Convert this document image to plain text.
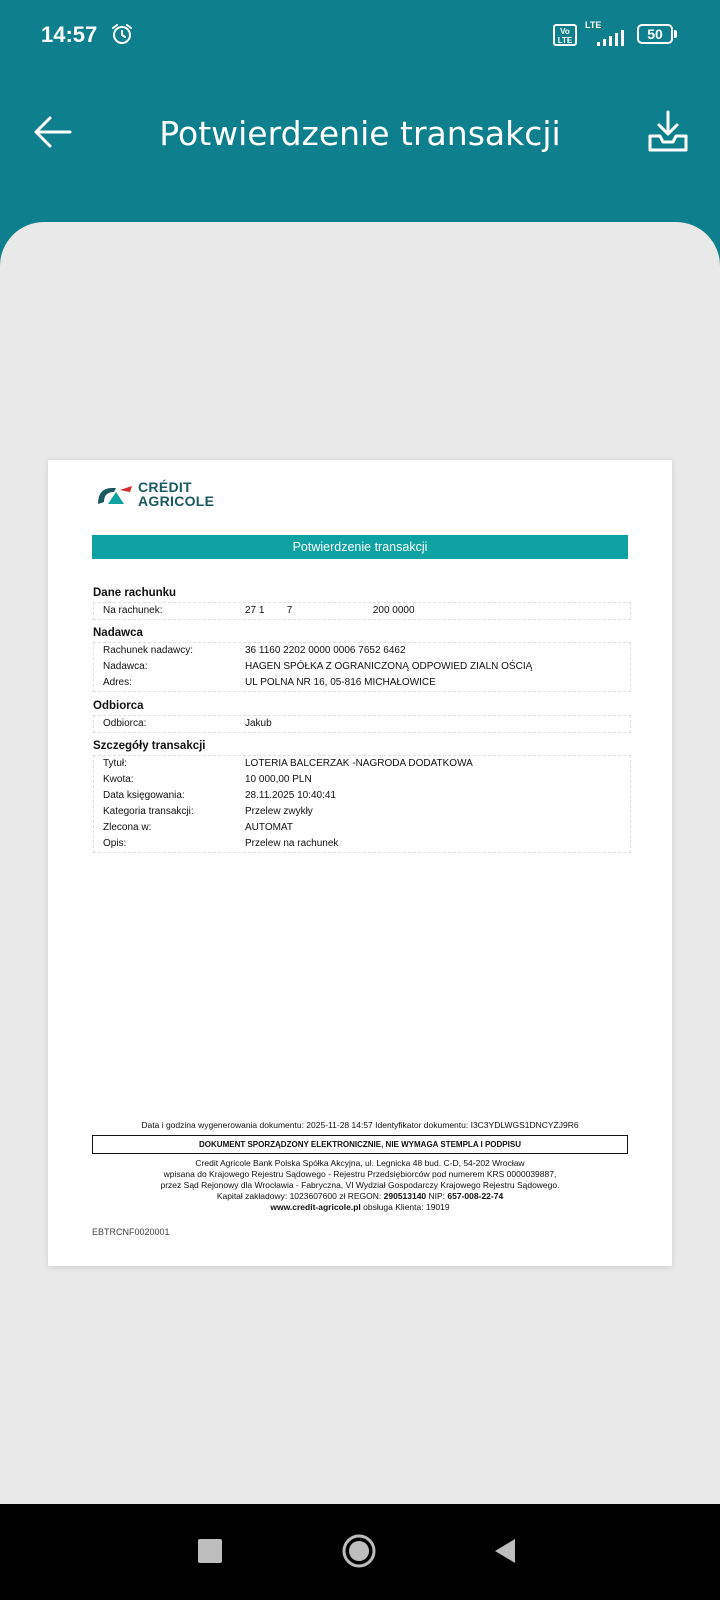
14:57	Vo LTE
LTE
50
Potwierdzenie transakcji
CRÉDIT
AGRICOLE
Potwierdzenie transakcji
Dane rachunku
Na rachunek:	27 1        7                             200 0000
Nadawca
Rachunek nadawcy:	36 1160 2202 0000 0006 7652 6462
Nadawca:	HAGEN SPÓŁKA Z OGRANICZONĄ ODPOWIED ZIALN OŚCIĄ
Adres:	UL POLNA NR 16, 05-816 MICHAŁOWICE
Odbiorca
Odbiorca:	Jakub
Szczegóły transakcji
Tytuł:	LOTERIA BALCERZAK -NAGRODA DODATKOWA
Kwota:	10 000,00 PLN
Data księgowania:	28.11.2025 10:40:41
Kategoria transakcji:	Przelew zwykły
Zlecona w:	AUTOMAT
Opis:	Przelew na rachunek
Data i godzina wygenerowania dokumentu: 2025-11-28 14:57 Identyfikator dokumentu: I3C3YDLWGS1DNCYZJ9R6
DOKUMENT SPORZĄDZONY ELEKTRONICZNIE, NIE WYMAGA STEMPLA I PODPISU
Credit Agricole Bank Polska Spółka Akcyjna, ul. Legnicka 48 bud. C-D, 54-202 Wrocław
wpisana do Krajowego Rejestru Sądowego - Rejestru Przedsiębiorców pod numerem KRS 0000039887,
przez Sąd Rejonowy dla Wrocławia - Fabryczna, VI Wydział Gospodarczy Krajowego Rejestru Sądowego.
Kapitał zakładowy: 1023607600 zł REGON: 290513140 NIP: 657-008-22-74
www.credit-agricole.pl obsługa Klienta: 19019
EBTRCNF0020001
